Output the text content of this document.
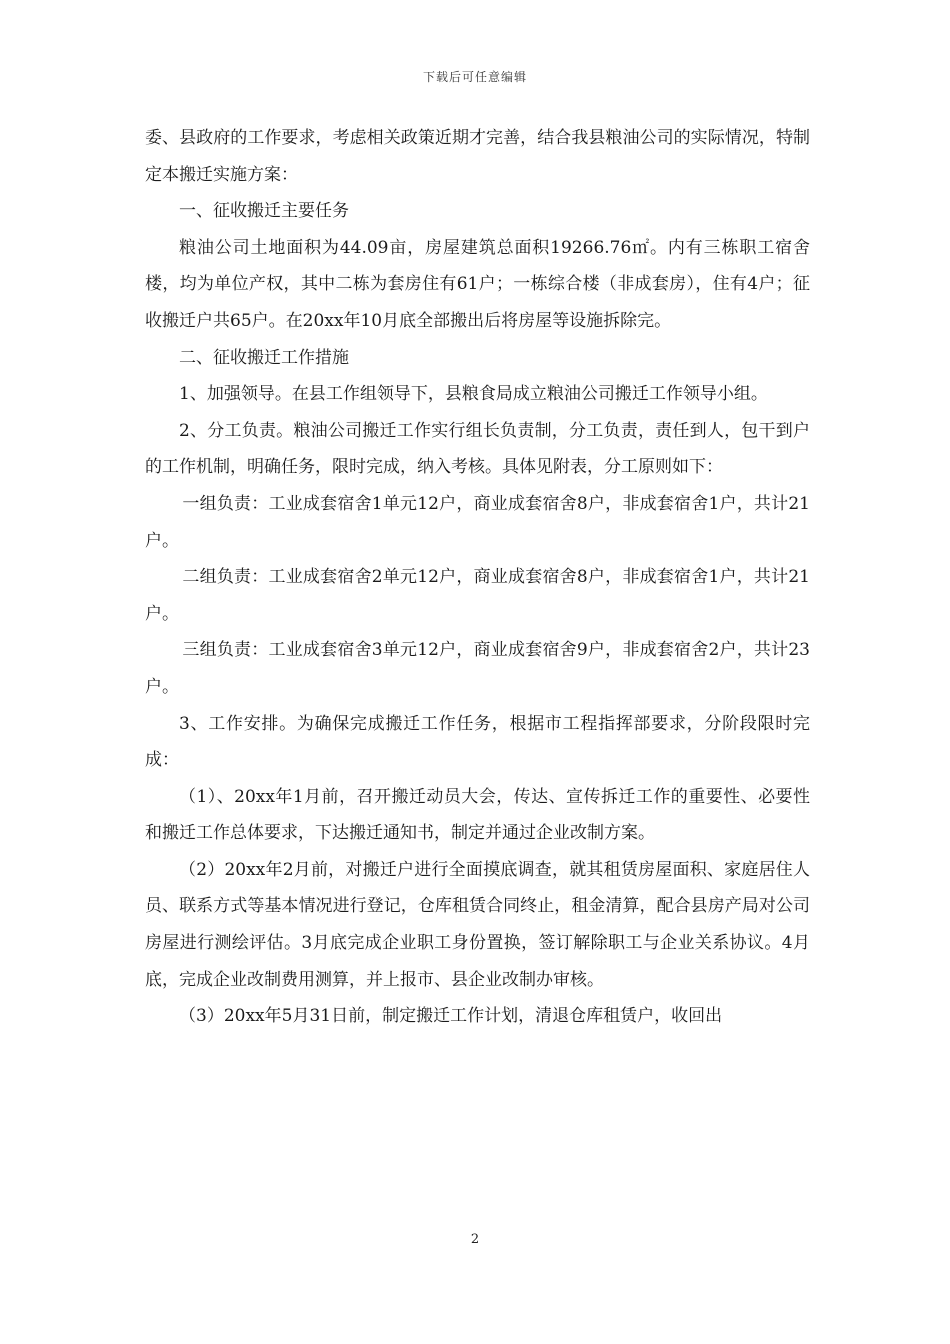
下载后可任意编辑

委、县政府的工作要求，考虑相关政策近期才完善，结合我县粮油公司的实际情况，特制定本搬迁实施方案：

一、征收搬迁主要任务

粮油公司土地面积为44.09亩，房屋建筑总面积19266.76㎡。内有三栋职工宿舍楼，均为单位产权，其中二栋为套房住有61户；一栋综合楼（非成套房），住有4户；征收搬迁户共65户。在20xx年10月底全部搬出后将房屋等设施拆除完。

二、征收搬迁工作措施

1、加强领导。在县工作组领导下，县粮食局成立粮油公司搬迁工作领导小组。

2、分工负责。粮油公司搬迁工作实行组长负责制，分工负责，责任到人，包干到户的工作机制，明确任务，限时完成，纳入考核。具体见附表，分工原则如下：

一组负责：工业成套宿舍1单元12户，商业成套宿舍8户，非成套宿舍1户，共计21户。

二组负责：工业成套宿舍2单元12户，商业成套宿舍8户，非成套宿舍1户，共计21户。

三组负责：工业成套宿舍3单元12户，商业成套宿舍9户，非成套宿舍2户，共计23户。

3、工作安排。为确保完成搬迁工作任务，根据市工程指挥部要求，分阶段限时完成：

（1）、20xx年1月前，召开搬迁动员大会，传达、宣传拆迁工作的重要性、必要性和搬迁工作总体要求，下达搬迁通知书，制定并通过企业改制方案。

（2）20xx年2月前，对搬迁户进行全面摸底调查，就其租赁房屋面积、家庭居住人员、联系方式等基本情况进行登记，仓库租赁合同终止，租金清算，配合县房产局对公司房屋进行测绘评估。3月底完成企业职工身份置换，签订解除职工与企业关系协议。4月底，完成企业改制费用测算，并上报市、县企业改制办审核。

（3）20xx年5月31日前，制定搬迁工作计划，清退仓库租赁户，收回出

2
